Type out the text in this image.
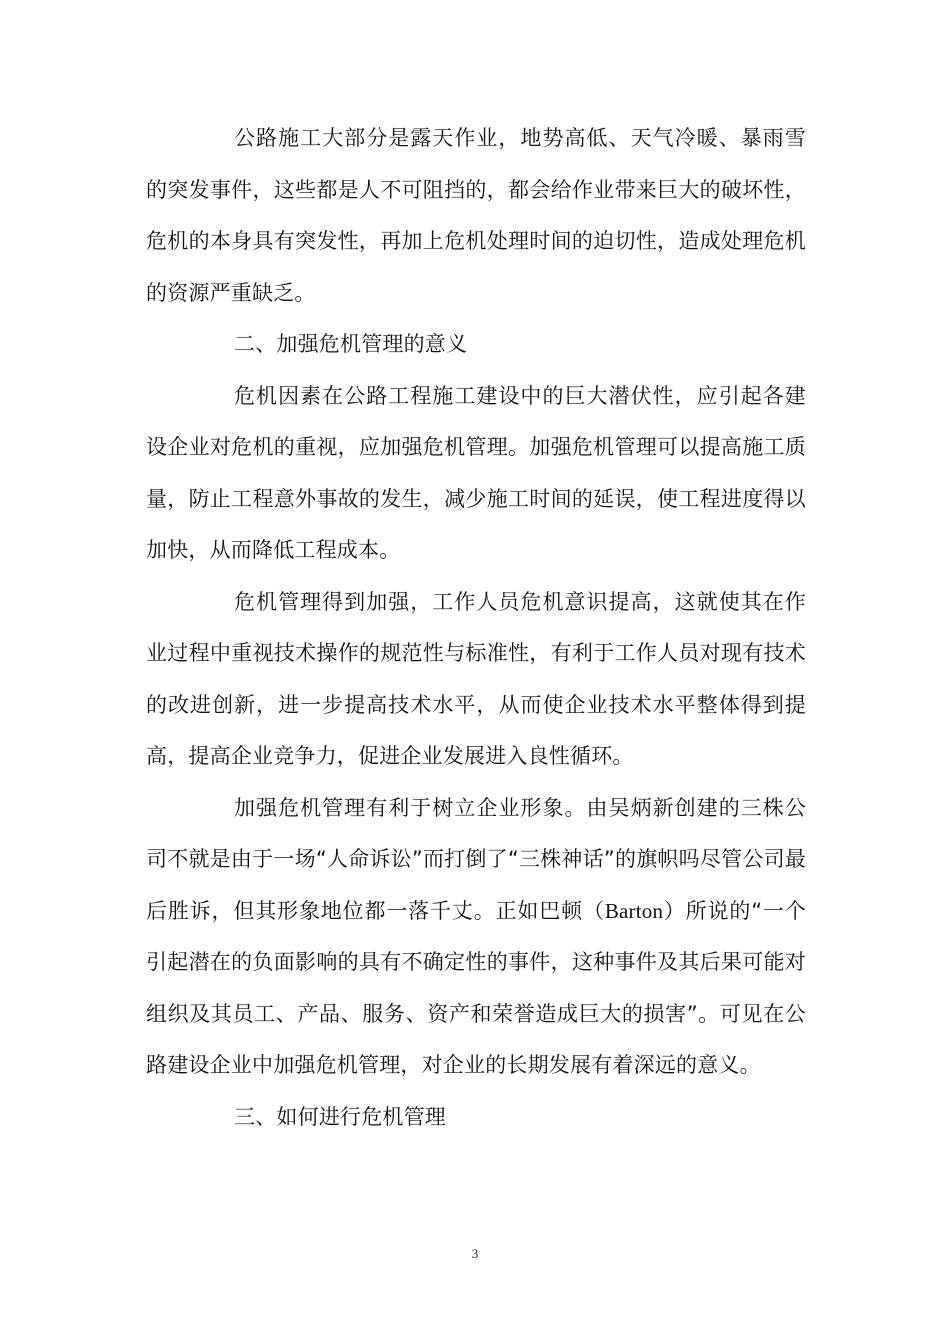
公路施工大部分是露天作业，地势高低、天气冷暖、暴雨雪的突发事件，这些都是人不可阻挡的，都会给作业带来巨大的破坏性，危机的本身具有突发性，再加上危机处理时间的迫切性，造成处理危机的资源严重缺乏。

二、加强危机管理的意义

危机因素在公路工程施工建设中的巨大潜伏性，应引起各建设企业对危机的重视，应加强危机管理。加强危机管理可以提高施工质量，防止工程意外事故的发生，减少施工时间的延误，使工程进度得以加快，从而降低工程成本。

危机管理得到加强，工作人员危机意识提高，这就使其在作业过程中重视技术操作的规范性与标准性，有利于工作人员对现有技术的改进创新，进一步提高技术水平，从而使企业技术水平整体得到提高，提高企业竞争力，促进企业发展进入良性循环。

加强危机管理有利于树立企业形象。由吴炳新创建的三株公司不就是由于一场“人命诉讼”而打倒了“三株神话”的旗帜吗尽管公司最后胜诉，但其形象地位都一落千丈。正如巴顿（Barton）所说的“一个引起潜在的负面影响的具有不确定性的事件，这种事件及其后果可能对组织及其员工、产品、服务、资产和荣誉造成巨大的损害”。可见在公路建设企业中加强危机管理，对企业的长期发展有着深远的意义。

三、如何进行危机管理

3
